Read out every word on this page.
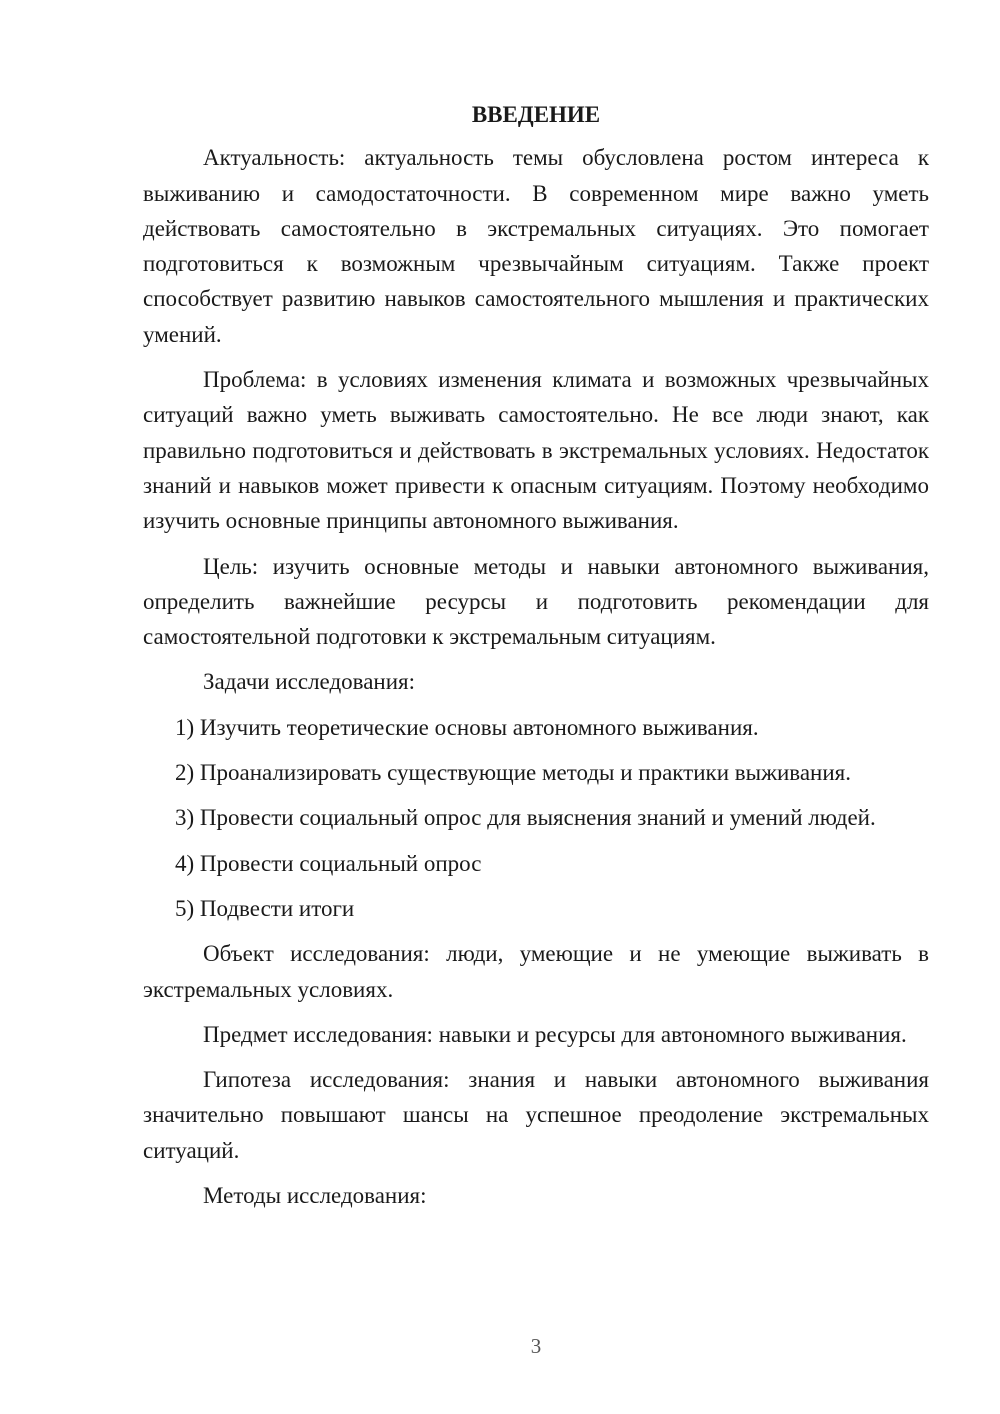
ВВЕДЕНИЕ

Актуальность: актуальность темы обусловлена ростом интереса к выживанию и самодостаточности. В современном мире важно уметь действовать самостоятельно в экстремальных ситуациях. Это помогает подготовиться к возможным чрезвычайным ситуациям. Также проект способствует развитию навыков самостоятельного мышления и практических умений.

Проблема: в условиях изменения климата и возможных чрезвычайных ситуаций важно уметь выживать самостоятельно. Не все люди знают, как правильно подготовиться и действовать в экстремальных условиях. Недостаток знаний и навыков может привести к опасным ситуациям. Поэтому необходимо изучить основные принципы автономного выживания.

Цель: изучить основные методы и навыки автономного выживания, определить важнейшие ресурсы и подготовить рекомендации для самостоятельной подготовки к экстремальным ситуациям.

Задачи исследования:

1) Изучить теоретические основы автономного выживания.
2) Проанализировать существующие методы и практики выживания.
3) Провести социальный опрос для выяснения знаний и умений людей.
4) Провести социальный опрос
5) Подвести итоги

Объект исследования: люди, умеющие и не умеющие выживать в экстремальных условиях.

Предмет исследования: навыки и ресурсы для автономного выживания.

Гипотеза исследования: знания и навыки автономного выживания значительно повышают шансы на успешное преодоление экстремальных ситуаций.

Методы исследования:

3
